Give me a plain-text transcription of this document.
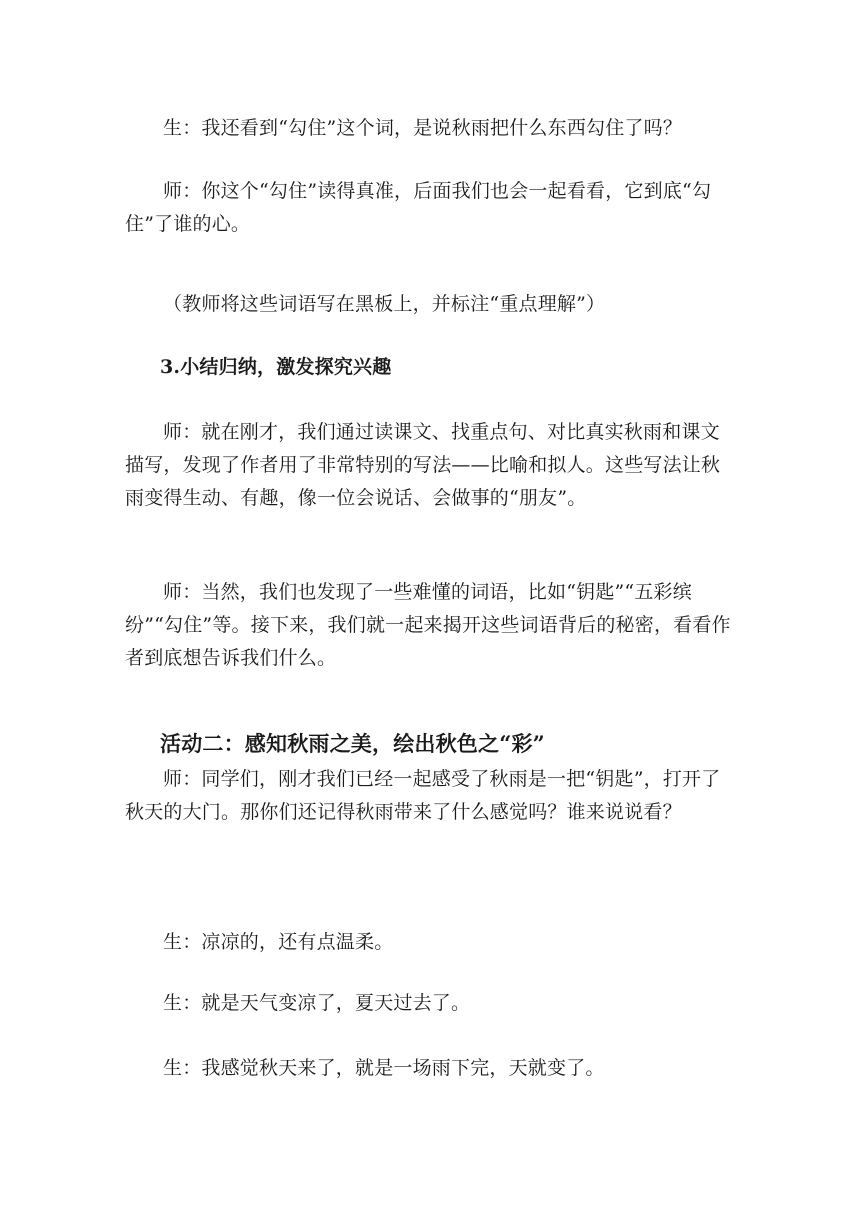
生：我还看到“勾住”这个词，是说秋雨把什么东西勾住了吗？

师：你这个“勾住”读得真准，后面我们也会一起看看，它到底“勾住”了谁的心。

（教师将这些词语写在黑板上，并标注“重点理解”）

3.小结归纳，激发探究兴趣

师：就在刚才，我们通过读课文、找重点句、对比真实秋雨和课文描写，发现了作者用了非常特别的写法——比喻和拟人。这些写法让秋雨变得生动、有趣，像一位会说话、会做事的“朋友”。

师：当然，我们也发现了一些难懂的词语，比如“钥匙”“五彩缤纷”“勾住”等。接下来，我们就一起来揭开这些词语背后的秘密，看看作者到底想告诉我们什么。

活动二：感知秋雨之美，绘出秋色之“彩”

师：同学们，刚才我们已经一起感受了秋雨是一把“钥匙”，打开了秋天的大门。那你们还记得秋雨带来了什么感觉吗？谁来说说看？

生：凉凉的，还有点温柔。

生：就是天气变凉了，夏天过去了。

生：我感觉秋天来了，就是一场雨下完，天就变了。
